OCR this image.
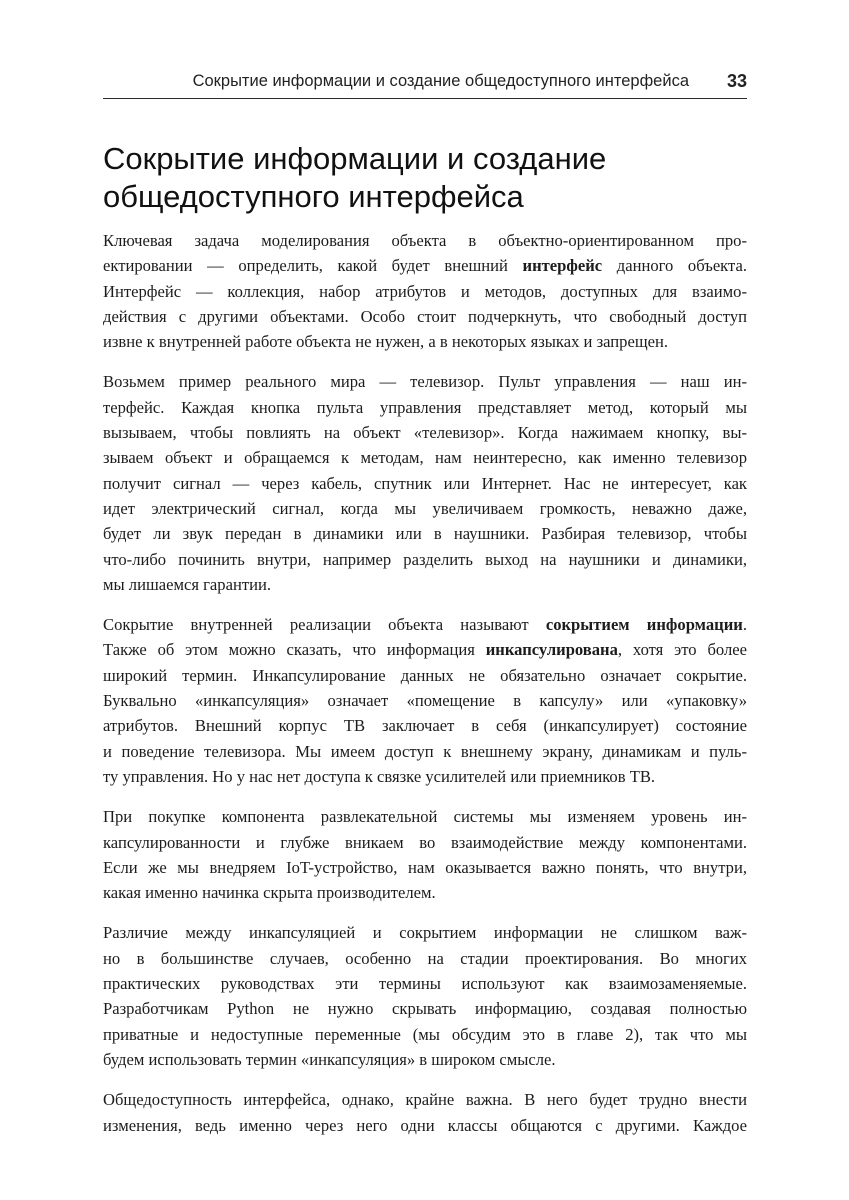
Сокрытие информации и создание общедоступного интерфейса 33
Сокрытие информации и создание
общедоступного интерфейса
Ключевая задача моделирования объекта в объектно-ориентированном про-
ектировании — определить, какой будет внешний интерфейс данного объекта.
Интерфейс — коллекция, набор атрибутов и методов, доступных для взаимо-
действия с другими объектами. Особо стоит подчеркнуть, что свободный доступ
извне к внутренней работе объекта не нужен, а в некоторых языках и запрещен.
Возьмем пример реального мира — телевизор. Пульт управления — наш ин-
терфейс. Каждая кнопка пульта управления представляет метод, который мы
вызываем, чтобы повлиять на объект «телевизор». Когда нажимаем кнопку, вы-
зываем объект и обращаемся к методам, нам неинтересно, как именно телевизор
получит сигнал — через кабель, спутник или Интернет. Нас не интересует, как
идет электрический сигнал, когда мы увеличиваем громкость, неважно даже,
будет ли звук передан в динамики или в наушники. Разбирая телевизор, чтобы
что-либо починить внутри, например разделить выход на наушники и динамики,
мы лишаемся гарантии.
Сокрытие внутренней реализации объекта называют сокрытием информации.
Также об этом можно сказать, что информация инкапсулирована, хотя это более
широкий термин. Инкапсулирование данных не обязательно означает сокрытие.
Буквально «инкапсуляция» означает «помещение в капсулу» или «упаковку»
атрибутов. Внешний корпус ТВ заключает в себя (инкапсулирует) состояние
и поведение телевизора. Мы имеем доступ к внешнему экрану, динамикам и пуль-
ту управления. Но у нас нет доступа к связке усилителей или приемников ТВ.
При покупке компонента развлекательной системы мы изменяем уровень ин-
капсулированности и глубже вникаем во взаимодействие между компонентами.
Если же мы внедряем IoT-устройство, нам оказывается важно понять, что внутри,
какая именно начинка скрыта производителем.
Различие между инкапсуляцией и сокрытием информации не слишком важ-
но в большинстве случаев, особенно на стадии проектирования. Во многих
практических руководствах эти термины используют как взаимозаменяемые.
Разработчикам Python не нужно скрывать информацию, создавая полностью
приватные и недоступные переменные (мы обсудим это в главе 2), так что мы
будем использовать термин «инкапсуляция» в широком смысле.
Общедоступность интерфейса, однако, крайне важна. В него будет трудно внести
изменения, ведь именно через него одни классы общаются с другими. Каждое
